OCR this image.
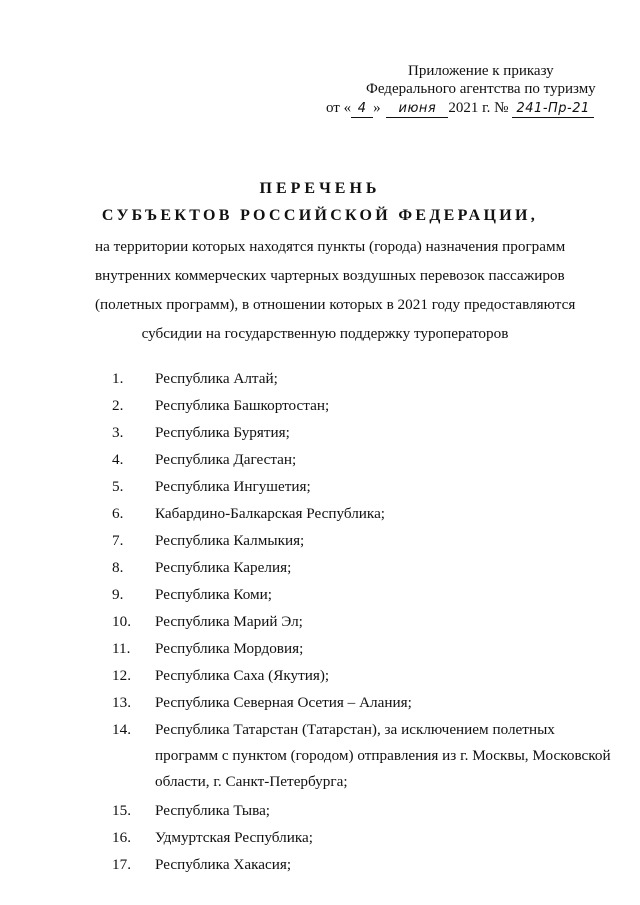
Приложение к приказу
Федерального агентства по туризму
от « 4 » июня 2021 г. № 241-Пр-21
ПЕРЕЧЕНЬ
СУБЪЕКТОВ РОССИЙСКОЙ ФЕДЕРАЦИИ,
на территории которых находятся пункты (города) назначения программ
внутренних коммерческих чартерных воздушных перевозок пассажиров
(полетных программ), в отношении которых в 2021 году предоставляются
субсидии на государственную поддержку туроператоров
1.	Республика Алтай;
2.	Республика Башкортостан;
3.	Республика Бурятия;
4.	Республика Дагестан;
5.	Республика Ингушетия;
6.	Кабардино-Балкарская Республика;
7.	Республика Калмыкия;
8.	Республика Карелия;
9.	Республика Коми;
10.	Республика Марий Эл;
11.	Республика Мордовия;
12.	Республика Саха (Якутия);
13.	Республика Северная Осетия – Алания;
14.	Республика Татарстан (Татарстан), за исключением полетных программ с пунктом (городом) отправления из г. Москвы, Московской области, г. Санкт-Петербурга;
15.	Республика Тыва;
16.	Удмуртская Республика;
17.	Республика Хакасия;
